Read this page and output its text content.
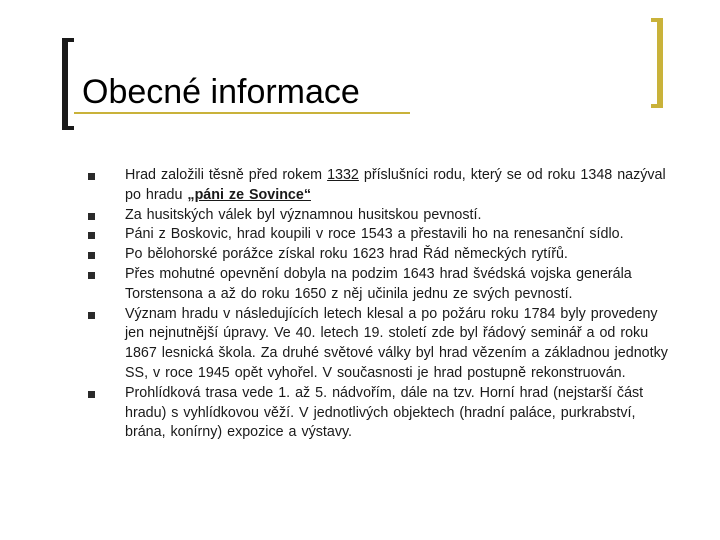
Obecné informace
Hrad založili těsně před rokem 1332 příslušníci rodu, který se od roku 1348 nazýval po hradu „páni ze Sovince“
Za husitských válek byl významnou husitskou pevností.
Páni z Boskovic, hrad koupili v roce 1543 a přestavili ho na renesanční sídlo.
Po bělohorské porážce získal roku 1623 hrad Řád německých rytířů.
Přes mohutné opevnění dobyla na podzim 1643 hrad švédská vojska generála Torstensona a až do roku 1650 z něj učinila jednu ze svých pevností.
Význam hradu v následujících letech klesal a po požáru roku 1784 byly provedeny jen nejnutnější úpravy. Ve 40. letech 19. století zde byl řádový seminář a od roku 1867 lesnická škola. Za druhé světové války byl hrad vězením a základnou jednotky SS, v roce 1945 opět vyhořel. V současnosti je hrad postupně rekonstruován.
Prohlídková trasa vede 1. až 5. nádvořím, dále na tzv. Horní hrad (nejstarší část hradu) s vyhlídkovou věží. V jednotlivých objektech (hradní paláce, purkrabství, brána, konírny) expozice a výstavy.
